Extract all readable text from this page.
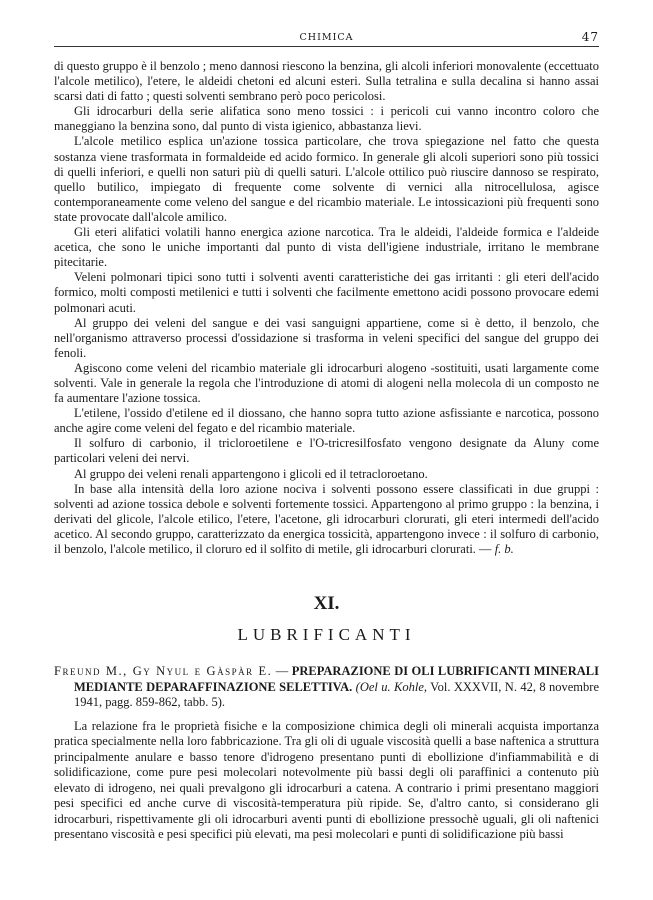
CHIMICA	47

di questo gruppo è il benzolo ; meno dannosi riescono la benzina, gli alcoli inferiori monovalente (eccettuato l'alcole metilico), l'etere, le aldeidi chetoni ed alcuni esteri. Sulla tetralina e sulla decalina si hanno assai scarsi dati di fatto ; questi solventi sembrano però poco pericolosi.

Gli idrocarburi della serie alifatica sono meno tossici : i pericoli cui vanno incontro coloro che maneggiano la benzina sono, dal punto di vista igienico, abbastanza lievi.

L'alcole metilico esplica un'azione tossica particolare, che trova spiegazione nel fatto che questa sostanza viene trasformata in formaldeide ed acido formico. In generale gli alcoli superiori sono più tossici di quelli inferiori, e quelli non saturi più di quelli saturi. L'alcole ottilico può riuscire dannoso se respirato, quello butilico, impiegato di frequente come solvente di vernici alla nitrocellulosa, agisce contemporaneamente come veleno del sangue e del ricambio materiale. Le intossicazioni più frequenti sono state provocate dall'alcole amilico.

Gli eteri alifatici volatili hanno energica azione narcotica. Tra le aldeidi, l'aldeide formica e l'aldeide acetica, che sono le uniche importanti dal punto di vista dell'igiene industriale, irritano le membrane pitecitarie.

Veleni polmonari tipici sono tutti i solventi aventi caratteristiche dei gas irritanti : gli eteri dell'acido formico, molti composti metilenici e tutti i solventi che facilmente emettono acidi possono provocare edemi polmonari acuti.

Al gruppo dei veleni del sangue e dei vasi sanguigni appartiene, come si è detto, il benzolo, che nell'organismo attraverso processi d'ossidazione si trasforma in veleni specifici del sangue del gruppo dei fenoli.

Agiscono come veleni del ricambio materiale gli idrocarburi alogeno -sostituiti, usati largamente come solventi. Vale in generale la regola che l'introduzione di atomi di alogeni nella molecola di un composto ne fa aumentare l'azione tossica.

L'etilene, l'ossido d'etilene ed il diossano, che hanno sopra tutto azione asfissiante e narcotica, possono anche agire come veleni del fegato e del ricambio materiale.

Il solfuro di carbonio, il tricloroetilene e l'O-tricresilfosfato vengono designate da Aluny come particolari veleni dei nervi.

Al gruppo dei veleni renali appartengono i glicoli ed il tetracloroetano.

In base alla intensità della loro azione nociva i solventi possono essere classificati in due gruppi : solventi ad azione tossica debole e solventi fortemente tossici. Appartengono al primo gruppo : la benzina, i derivati del glicole, l'alcole etilico, l'etere, l'acetone, gli idrocarburi clorurati, gli eteri intermedi dell'acido acetico. Al secondo gruppo, caratterizzato da energica tossicità, appartengono invece : il solfuro di carbonio, il benzolo, l'alcole metilico, il cloruro ed il solfito di metile, gli idrocarburi clorurati. — f. b.

XI.
LUBRIFICANTI

Freund M., Gy Nyul e Gàspàr E. — PREPARAZIONE DI OLI LUBRIFICANTI MINERALI MEDIANTE DEPARAFFINAZIONE SELETTIVA. (Oel u. Kohle, Vol. XXXVII, N. 42, 8 novembre 1941, pagg. 859-862, tabb. 5).

La relazione fra le proprietà fisiche e la composizione chimica degli oli minerali acquista importanza pratica specialmente nella loro fabbricazione. Tra gli oli di uguale viscosità quelli a base naftenica a struttura principalmente anulare e basso tenore d'idrogeno presentano punti di ebollizione d'infiammabilità e di solidificazione, come pure pesi molecolari notevolmente più bassi degli oli paraffinici a contenuto più elevato di idrogeno, nei quali prevalgono gli idrocarburi a catena. A contrario i primi presentano maggiori pesi specifici ed anche curve di viscosità-temperatura più ripide. Se, d'altro canto, si considerano gli idrocarburi, rispettivamente gli oli idrocarburi aventi punti di ebollizione pressochè uguali, gli oli naftenici presentano viscosità e pesi specifici più elevati, ma pesi molecolari e punti di solidificazione più bassi
